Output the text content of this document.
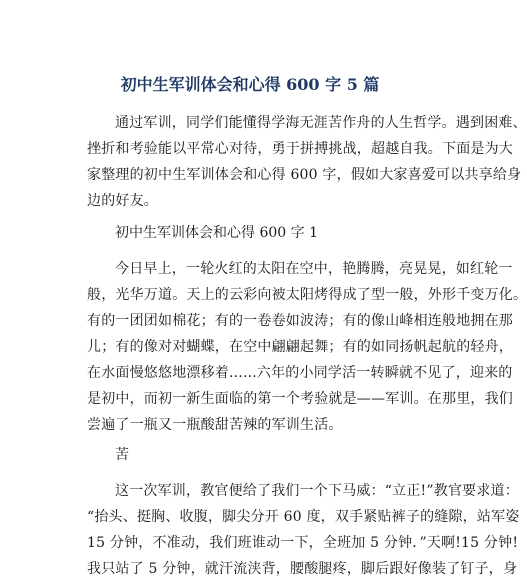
初中生军训体会和心得 600 字 5 篇
通过军训，同学们能懂得学海无涯苦作舟的人生哲学。遇到困难、
挫折和考验能以平常心对待，勇于拼搏挑战，超越自我。下面是为大
家整理的初中生军训体会和心得 600 字，假如大家喜爱可以共享给身
边的好友。
初中生军训体会和心得 600 字 1
今日早上，一轮火红的太阳在空中，艳腾腾，亮晃晃，如红轮一
般，光华万道。天上的云彩向被太阳烤得成了型一般，外形千变万化。
有的一团团如棉花；有的一卷卷如波涛；有的像山峰相连般地拥在那
儿；有的像对对蝴蝶，在空中翩翩起舞；有的如同扬帆起航的轻舟，
在水面慢悠悠地漂移着......六年的小同学活一转瞬就不见了，迎来的
是初中，而初一新生面临的第一个考验就是——军训。在那里，我们
尝遍了一瓶又一瓶酸甜苦辣的军训生活。
苦
这一次军训，教官便给了我们一个下马威：“立正!”教官要求道：
“抬头、挺胸、收腹，脚尖分开 60 度，双手紧贴裤子的缝隙，站军姿
15 分钟，不准动，我们班谁动一下，全班加 5 分钟．”天啊!15 分钟!
我只站了 5 分钟，就汗流浃背，腰酸腿疼，脚后跟好像装了钉子，身
